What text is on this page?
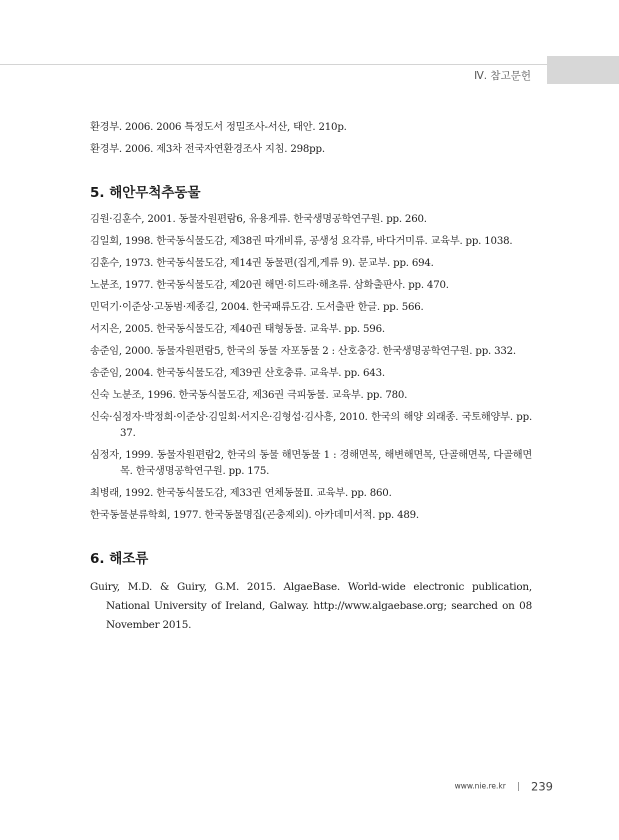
Ⅳ. 참고문헌

환경부. 2006. 2006 특정도서 정밀조사-서산, 태안. 210p.

환경부. 2006. 제3차 전국자연환경조사 지침. 298pp.

5. 해안무척추동물

김원·김훈수, 2001. 동물자원편람6, 유용게류. 한국생명공학연구원. pp. 260.

김일회, 1998. 한국동식물도감, 제38권 따개비류, 공생성 요각류, 바다거미류. 교육부. pp. 1038.

김훈수, 1973. 한국동식물도감, 제14권 동물편(집게,게류 9). 문교부. pp. 694.

노분조, 1977. 한국동식물도감, 제20권 해면·히드라·해초류. 삼화출판사. pp. 470.

민덕기·이준상·고동범·제종길, 2004. 한국패류도감. 도서출판 한글. pp. 566.

서지은, 2005. 한국동식물도감, 제40권 태형동물. 교육부. pp. 596.

송준임, 2000. 동물자원편람5, 한국의 동물 자포동물 2 : 산호충강. 한국생명공학연구원. pp. 332.

송준임, 2004. 한국동식물도감, 제39권 산호충류. 교육부. pp. 643.

신숙 노분조, 1996. 한국동식물도감, 제36권 극피동물. 교육부. pp. 780.

신숙·심정자·박정희·이준상·김일회·서지은·김형섭·김사흥, 2010. 한국의 해양 외래종. 국토해양부. pp. 37.

심정자, 1999. 동물자원편람2, 한국의 동물 해면동물 1 : 경해면목, 해변해면목, 단골해면목, 다골해면목. 한국생명공학연구원. pp. 175.

최병래, 1992. 한국동식물도감, 제33권 연체동물Ⅱ. 교육부. pp. 860.

한국동물분류학회, 1977. 한국동물명집(곤충제외). 아카데미서적. pp. 489.

6. 해조류

Guiry, M.D. & Guiry, G.M. 2015. AlgaeBase. World-wide electronic publication, National University of Ireland, Galway. http://www.algaebase.org; searched on 08 November 2015.

www.nie.re.kr 239
